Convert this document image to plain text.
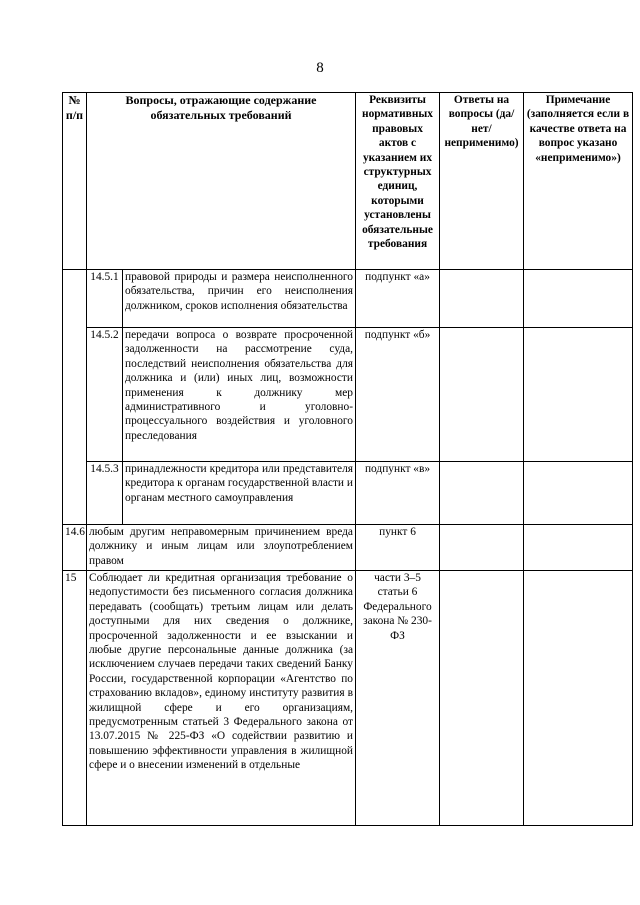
8
№ п/п	Вопросы, отражающие содержание обязательных требований		Реквизиты нормативных правовых актов с указанием их структурных единиц, которыми установлены обязательные требования	Ответы на вопросы (да/нет/ неприменимо)	Примечание (заполняется если в качестве ответа на вопрос указано «неприменимо»)
	14.5.1	правовой природы и размера неисполненного обязательства, причин его неисполнения должником, сроков исполнения обязательства	подпункт «а»		
	14.5.2	передачи вопроса о возврате просроченной задолженности на рассмотрение суда, последствий неисполнения обязательства для должника и (или) иных лиц, возможности применения к должнику мер административного и уголовно-процессуального воздействия и уголовного преследования	подпункт «б»		
	14.5.3	принадлежности кредитора или представителя кредитора к органам государственной власти и органам местного самоуправления	подпункт «в»		
14.6	любым другим неправомерным причинением вреда должнику и иным лицам или злоупотреблением правом		пункт 6		
15	Соблюдает ли кредитная организация требование о недопустимости без письменного согласия должника передавать (сообщать) третьим лицам или делать доступными для них сведения о должнике, просроченной задолженности и ее взыскании и любые другие персональные данные должника (за исключением случаев передачи таких сведений Банку России, государственной корпорации «Агентство по страхованию вкладов», единому институту развития в жилищной сфере и его организациям, предусмотренным статьей 3 Федерального закона от 13.07.2015 № 225-ФЗ «О содействии развитию и повышению эффективности управления в жилищной сфере и о внесении изменений в отдельные		части 3–5 статьи 6 Федерального закона № 230-ФЗ		
